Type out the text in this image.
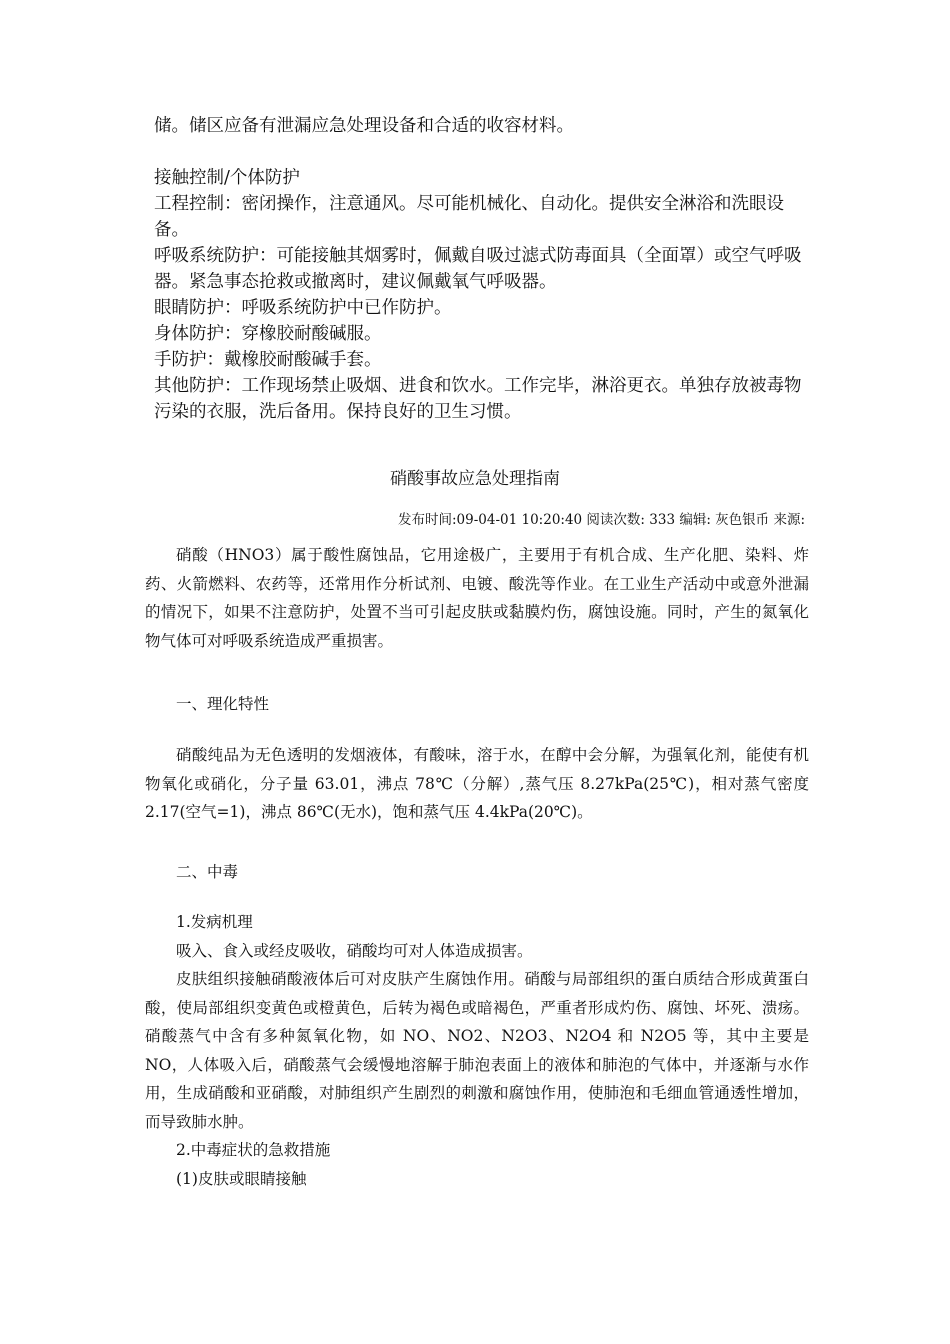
储。储区应备有泄漏应急处理设备和合适的收容材料。

接触控制/个体防护

工程控制：密闭操作，注意通风。尽可能机械化、自动化。提供安全淋浴和洗眼设备。

呼吸系统防护：可能接触其烟雾时，佩戴自吸过滤式防毒面具（全面罩）或空气呼吸器。紧急事态抢救或撤离时，建议佩戴氧气呼吸器。

眼睛防护：呼吸系统防护中已作防护。

身体防护：穿橡胶耐酸碱服。

手防护：戴橡胶耐酸碱手套。

其他防护：工作现场禁止吸烟、进食和饮水。工作完毕，淋浴更衣。单独存放被毒物污染的衣服，洗后备用。保持良好的卫生习惯。

硝酸事故应急处理指南
发布时间:09-04-01 10:20:40 阅读次数: 333 编辑: 灰色银币 来源:

硝酸（HNO3）属于酸性腐蚀品，它用途极广，主要用于有机合成、生产化肥、染料、炸药、火箭燃料、农药等，还常用作分析试剂、电镀、酸洗等作业。在工业生产活动中或意外泄漏的情况下，如果不注意防护，处置不当可引起皮肤或黏膜灼伤，腐蚀设施。同时，产生的氮氧化物气体可对呼吸系统造成严重损害。

一、理化特性

硝酸纯品为无色透明的发烟液体，有酸味，溶于水，在醇中会分解，为强氧化剂，能使有机物氧化或硝化，分子量 63.01，沸点 78℃（分解）,蒸气压 8.27kPa(25℃)，相对蒸气密度 2.17(空气=1)，沸点 86℃(无水)，饱和蒸气压 4.4kPa(20℃)。

二、中毒

1.发病机理

吸入、食入或经皮吸收，硝酸均可对人体造成损害。

皮肤组织接触硝酸液体后可对皮肤产生腐蚀作用。硝酸与局部组织的蛋白质结合形成黄蛋白酸，使局部组织变黄色或橙黄色，后转为褐色或暗褐色，严重者形成灼伤、腐蚀、坏死、溃疡。硝酸蒸气中含有多种氮氧化物，如 NO、NO2、N2O3、N2O4 和 N2O5 等，其中主要是 NO，人体吸入后，硝酸蒸气会缓慢地溶解于肺泡表面上的液体和肺泡的气体中，并逐渐与水作用，生成硝酸和亚硝酸，对肺组织产生剧烈的刺激和腐蚀作用，使肺泡和毛细血管通透性增加，而导致肺水肿。

2.中毒症状的急救措施

(1)皮肤或眼睛接触
